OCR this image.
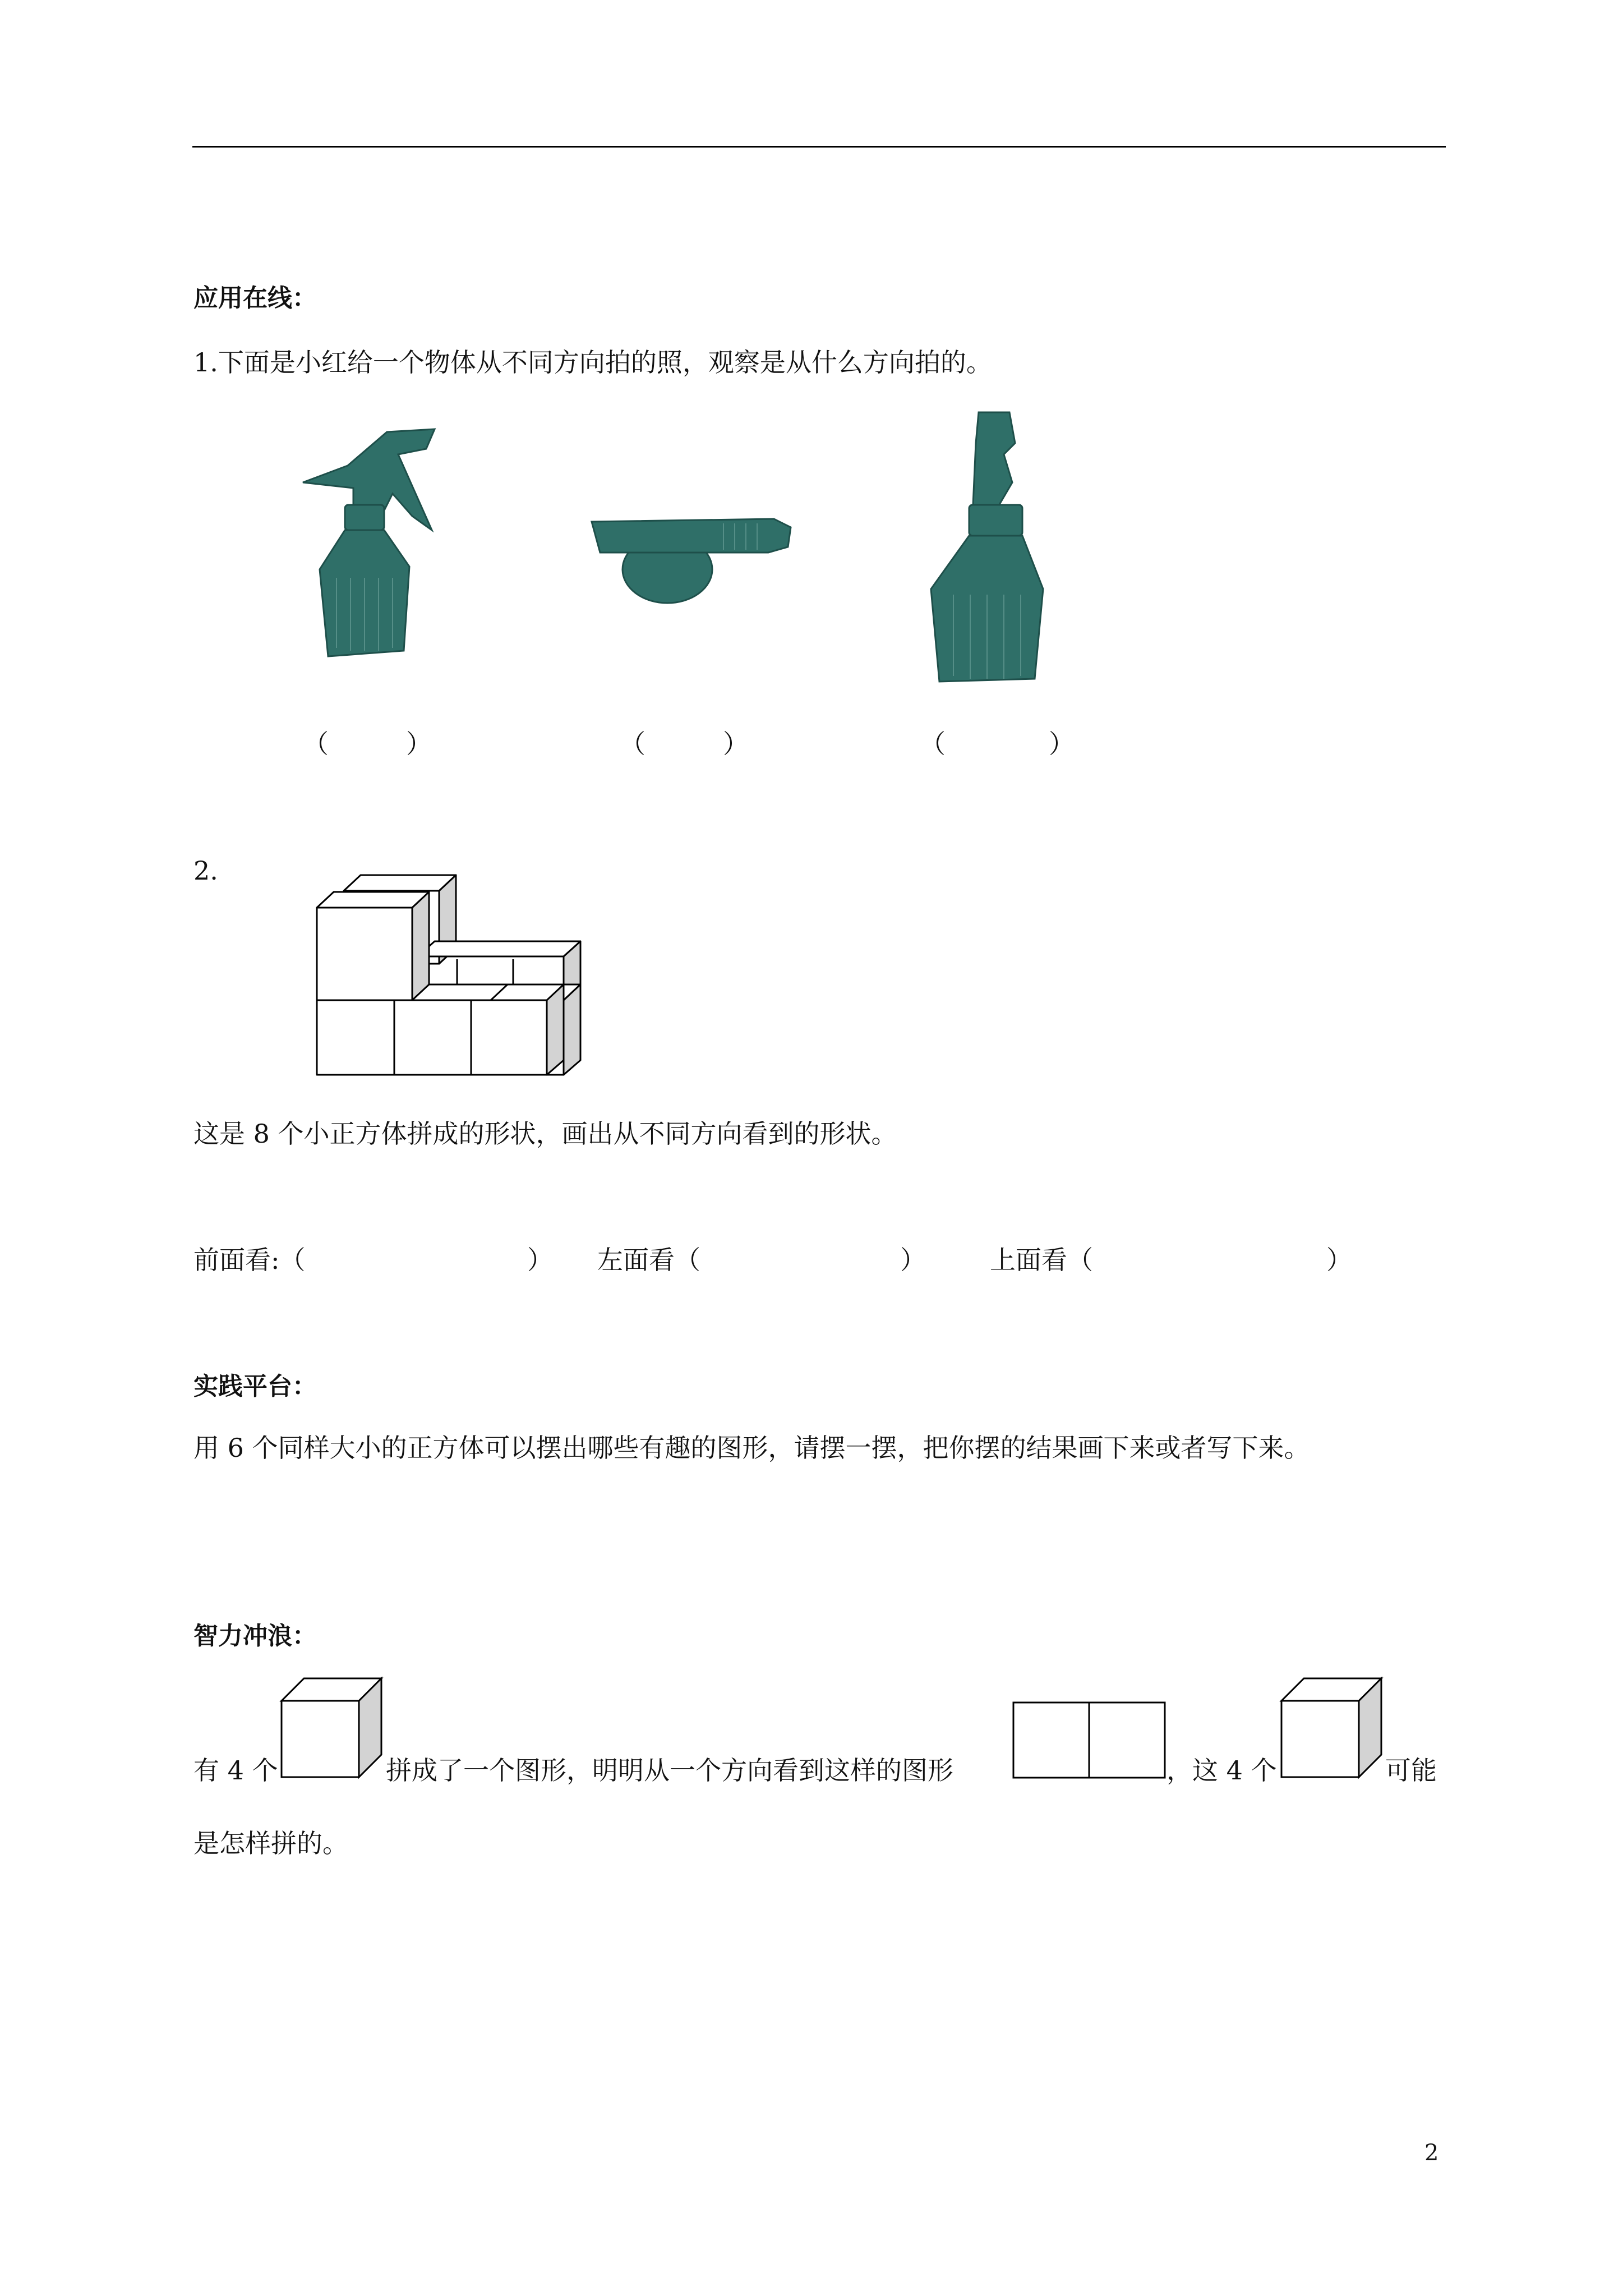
应用在线：
1.下面是小红给一个物体从不同方向拍的照，观察是从什么方向拍的。
（　　　）	（　　　）	（　　　　）
2.
这是 8 个小正方体拼成的形状，画出从不同方向看到的形状。
前面看:（	） 左面看（	） 上面看（	）
实践平台：
用 6 个同样大小的正方体可以摆出哪些有趣的图形，请摆一摆，把你摆的结果画下来或者写下来。
智力冲浪：
有 4 个	拼成了一个图形，明明从一个方向看到这样的图形	，这 4 个	可能
是怎样拼的。
2
